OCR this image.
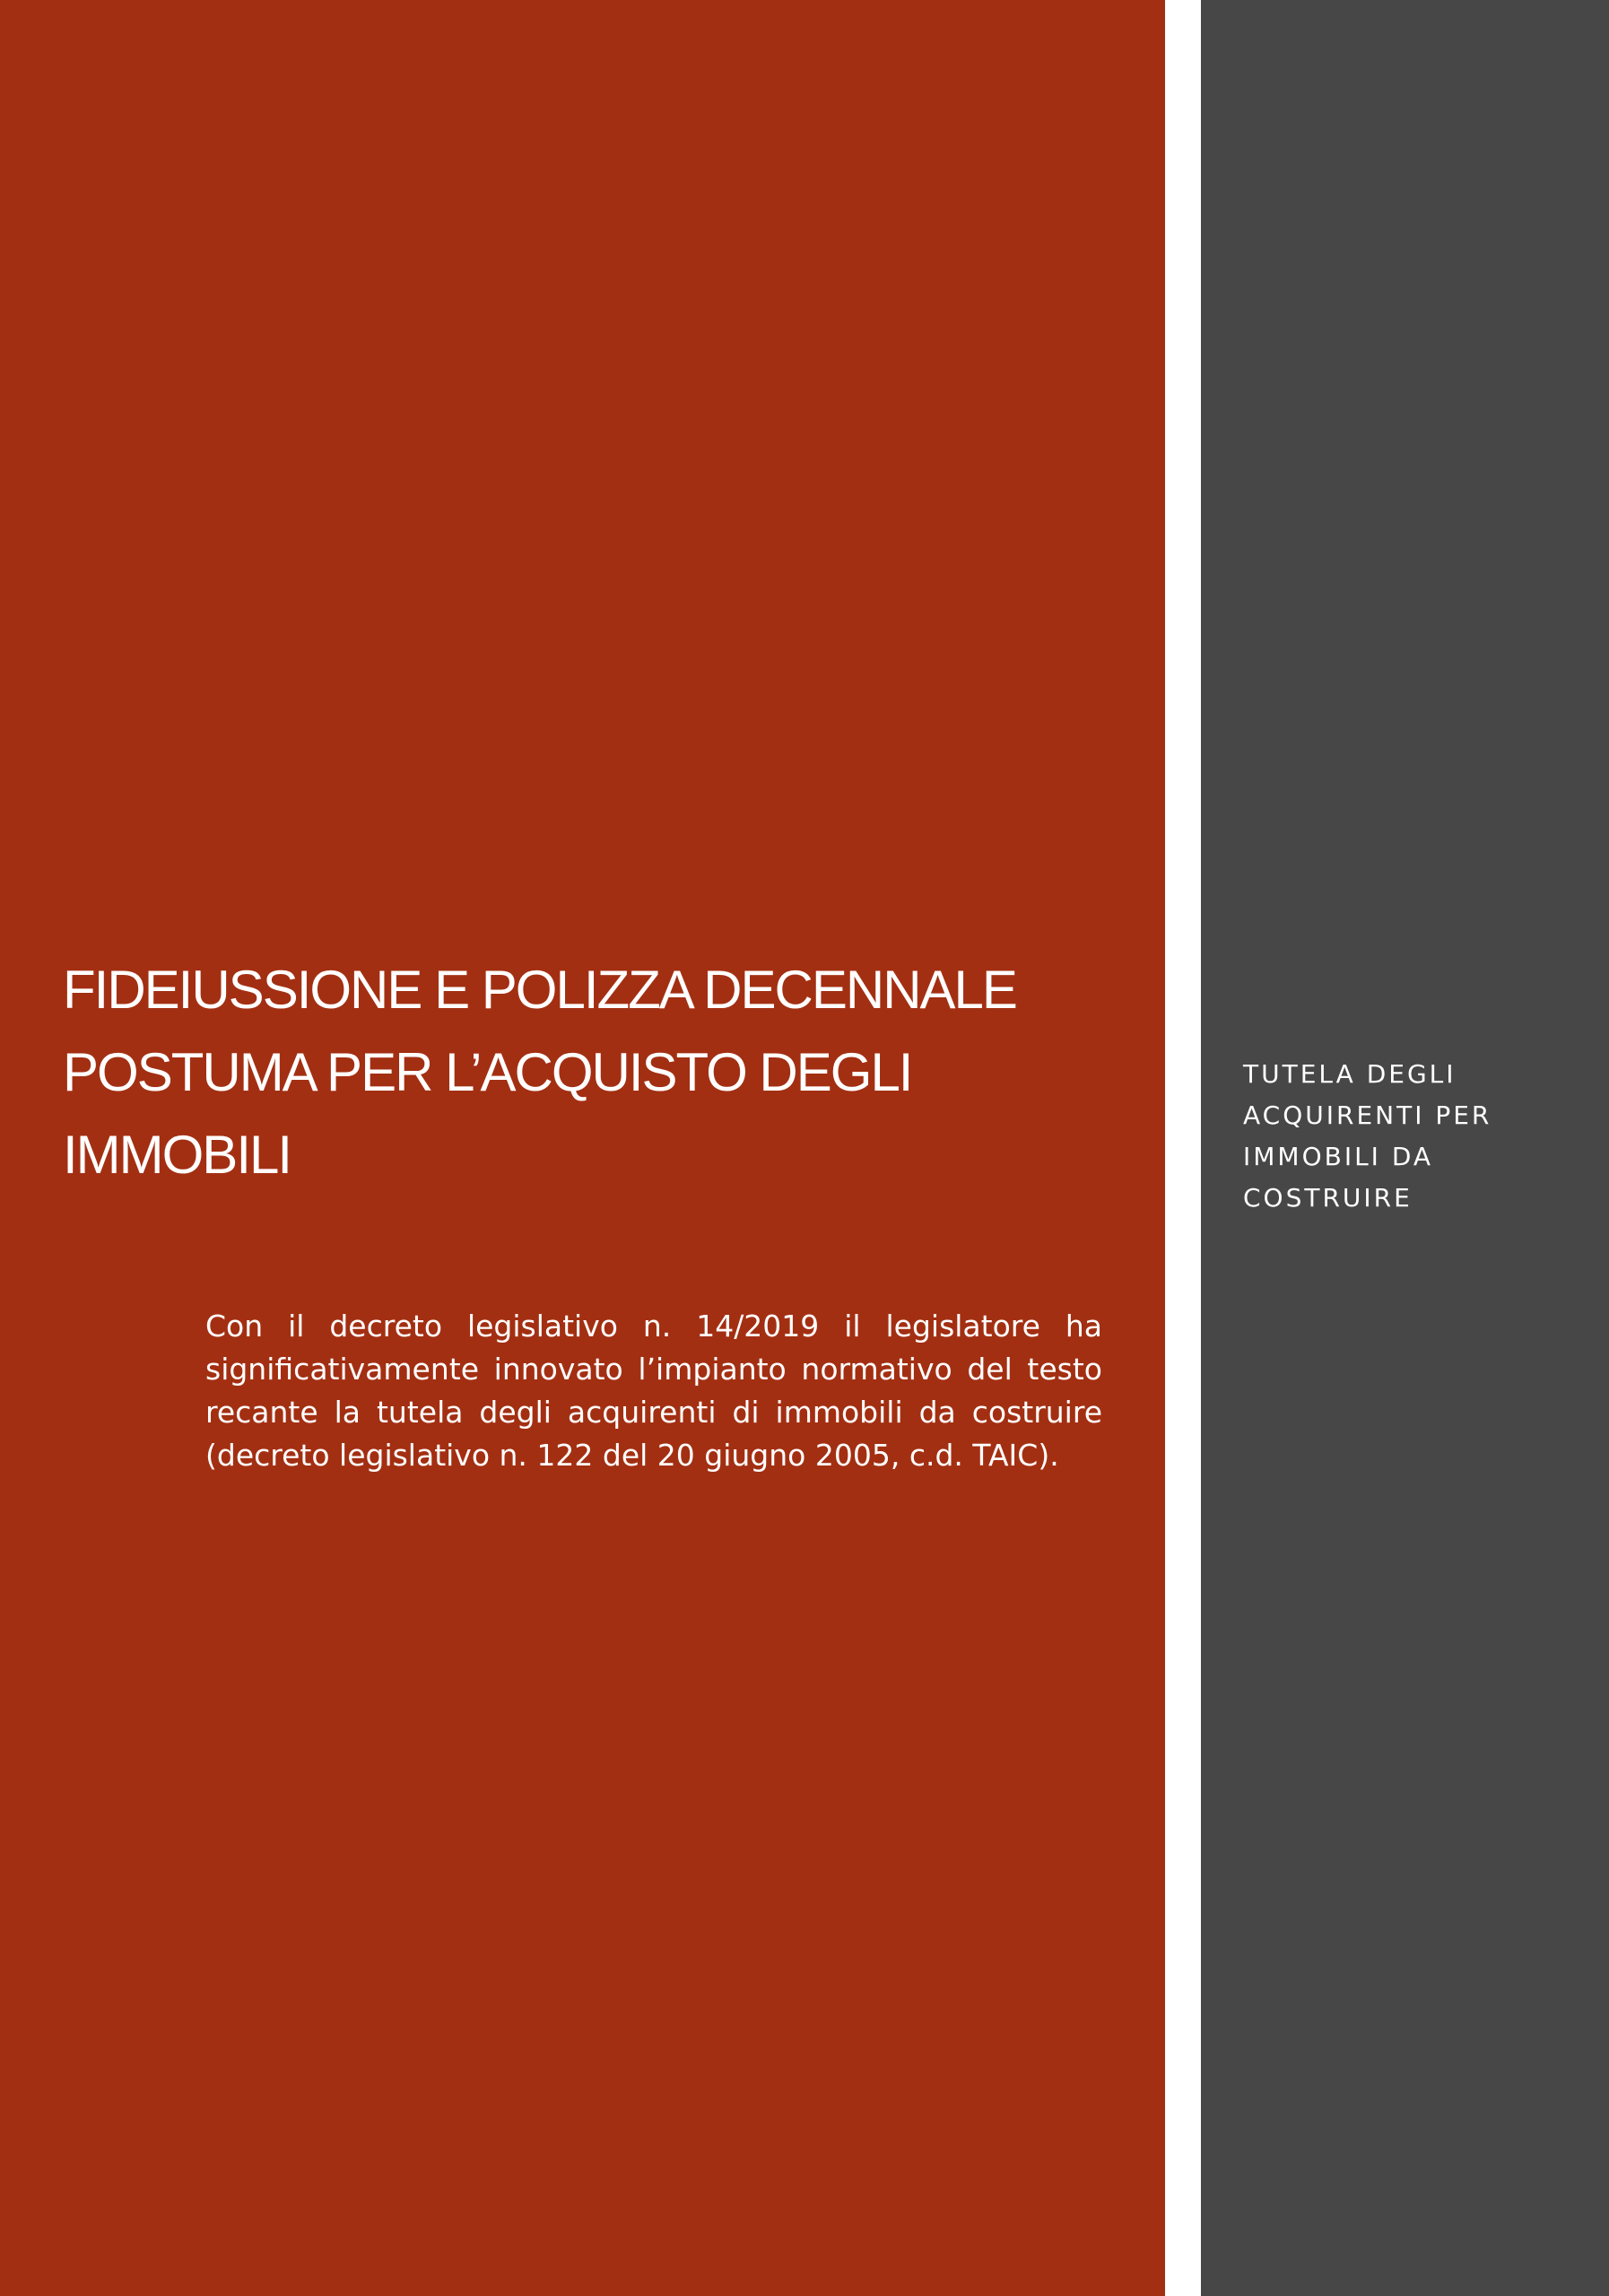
FIDEIUSSIONE E POLIZZA DECENNALE
POSTUMA PER L’ACQUISTO DEGLI
IMMOBILI

Con il decreto legislativo n. 14/2019 il legislatore ha significativamente innovato l’impianto normativo del testo recante la tutela degli acquirenti di immobili da costruire (decreto legislativo n. 122 del 20 giugno 2005, c.d. TAIC).

TUTELA DEGLI
ACQUIRENTI PER
IMMOBILI DA
COSTRUIRE
